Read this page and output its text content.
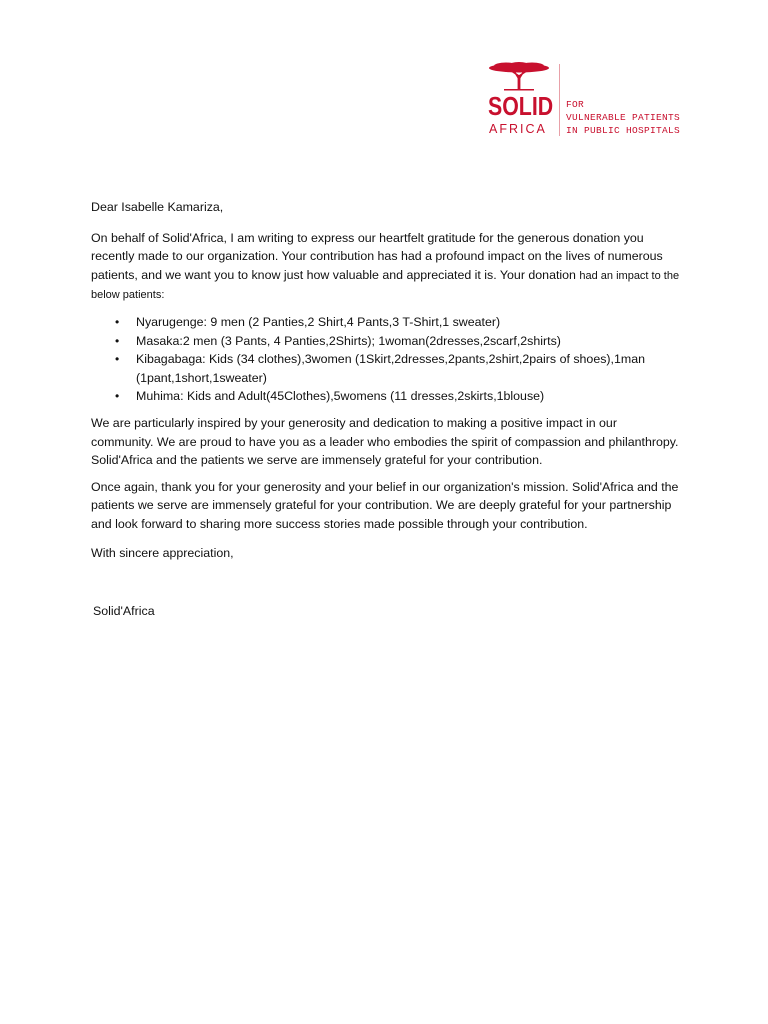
SOLID
AFRICA
FOR
VULNERABLE PATIENTS
IN PUBLIC HOSPITALS

Dear Isabelle Kamariza,

On behalf of Solid'Africa, I am writing to express our heartfelt gratitude for the generous donation you recently made to our organization. Your contribution has had a profound impact on the lives of numerous patients, and we want you to know just how valuable and appreciated it is. Your donation had an impact to the below patients:

• Nyarugenge: 9 men (2 Panties,2 Shirt,4 Pants,3 T-Shirt,1 sweater)
• Masaka:2 men (3 Pants, 4 Panties,2Shirts); 1woman(2dresses,2scarf,2shirts)
• Kibagabaga: Kids (34 clothes),3women (1Skirt,2dresses,2pants,2shirt,2pairs of shoes),1man (1pant,1short,1sweater)
• Muhima: Kids and Adult(45Clothes),5womens (11 dresses,2skirts,1blouse)

We are particularly inspired by your generosity and dedication to making a positive impact in our community. We are proud to have you as a leader who embodies the spirit of compassion and philanthropy. Solid'Africa and the patients we serve are immensely grateful for your contribution.

Once again, thank you for your generosity and your belief in our organization's mission. Solid'Africa and the patients we serve are immensely grateful for your contribution. We are deeply grateful for your partnership and look forward to sharing more success stories made possible through your contribution.

With sincere appreciation,

Solid'Africa
